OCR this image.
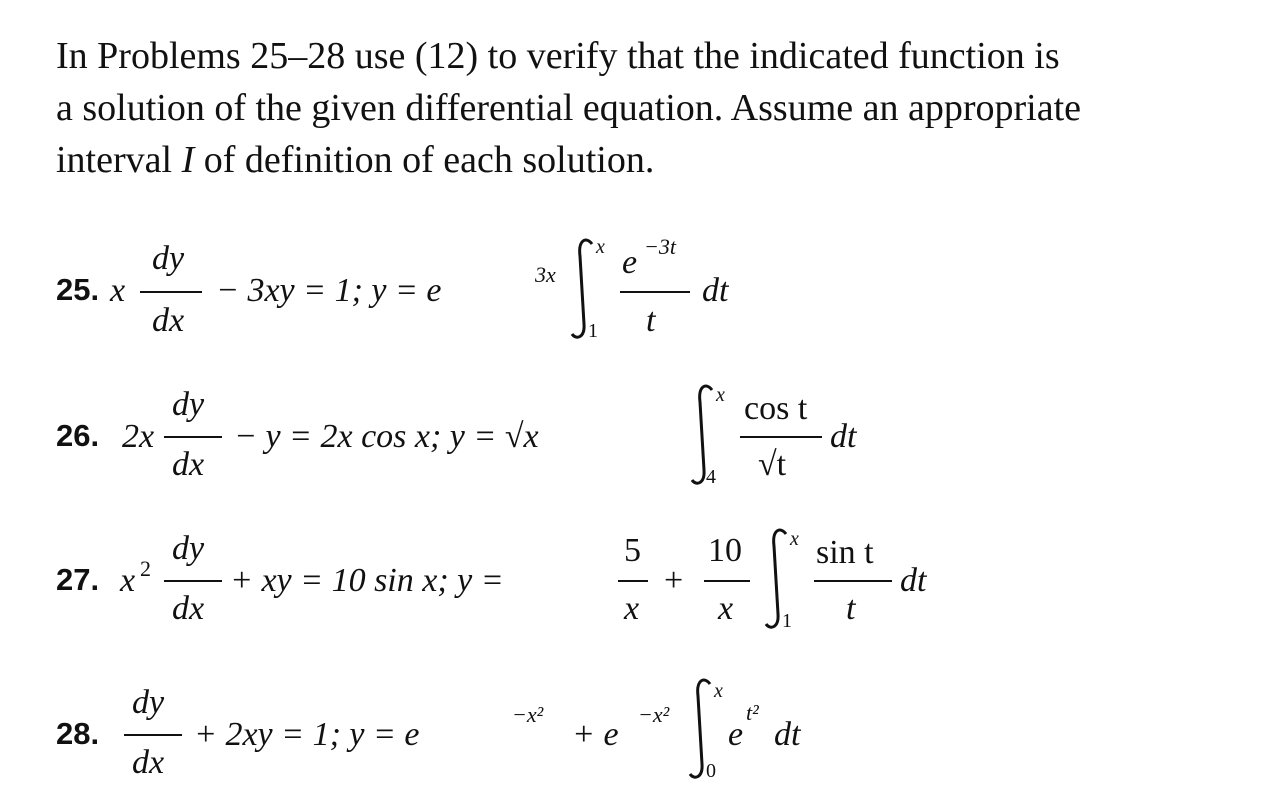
In Problems 25–28 use (12) to verify that the indicated function is

a solution of the given differential equation. Assume an appropriate

interval I of definition of each solution.

25. x
dy
dx
− 3xy = 1; y = e	3x
x
1
e −3t
t
dt
26. 2x
dy
dx
− y = 2x cos x; y = √x
x
4
cos t
√t
dt
27. x 2
dy
dx
+ xy = 10 sin x; y =
5
x
+
10
x
x
1
sin t
t
dt
28.
dy
dx
+ 2xy = 1; y = e
−x²
+ e
−x²
x
0
e
t²
dt
